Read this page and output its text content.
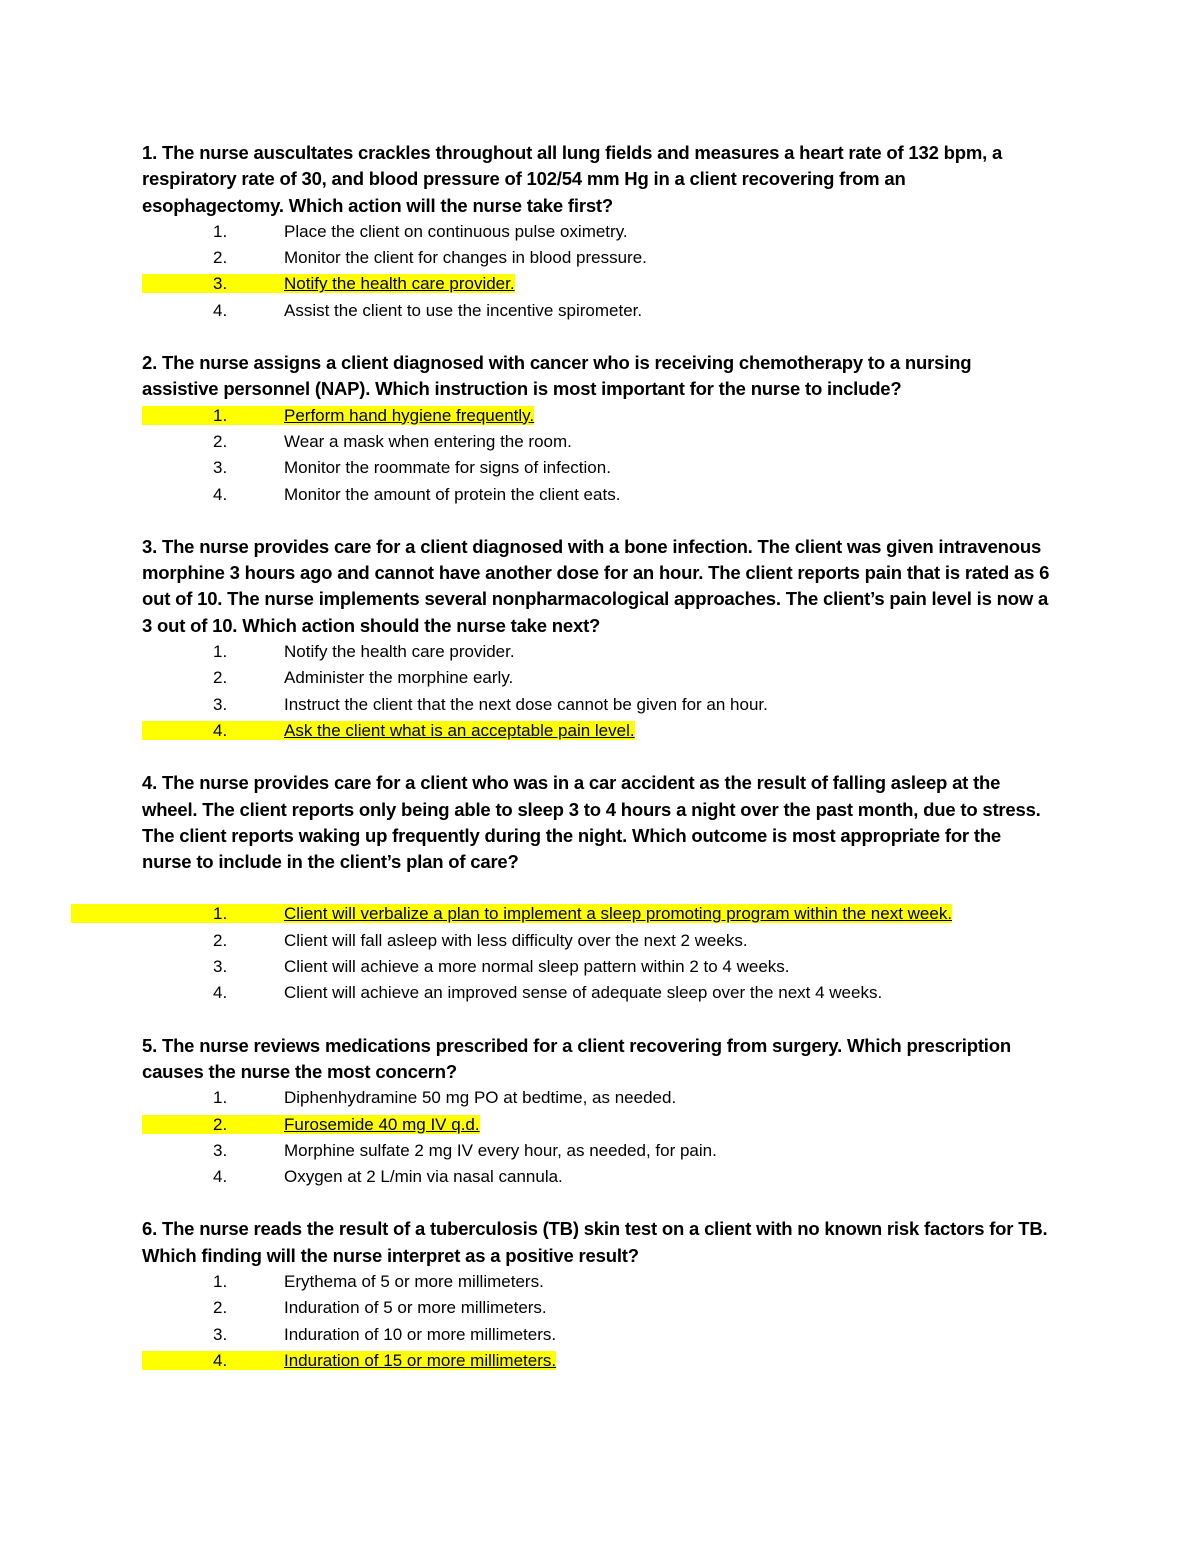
1. The nurse auscultates crackles throughout all lung fields and measures a heart rate of 132 bpm, a respiratory rate of 30, and blood pressure of 102/54 mm Hg in a client recovering from an esophagectomy. Which action will the nurse take first?

1.	Place the client on continuous pulse oximetry.
2.	Monitor the client for changes in blood pressure.
3.	Notify the health care provider.
4.	Assist the client to use the incentive spirometer.

2. The nurse assigns a client diagnosed with cancer who is receiving chemotherapy to a nursing assistive personnel (NAP). Which instruction is most important for the nurse to include?

1.	Perform hand hygiene frequently.
2.	Wear a mask when entering the room.
3.	Monitor the roommate for signs of infection.
4.	Monitor the amount of protein the client eats.

3. The nurse provides care for a client diagnosed with a bone infection. The client was given intravenous morphine 3 hours ago and cannot have another dose for an hour. The client reports pain that is rated as 6 out of 10. The nurse implements several nonpharmacological approaches. The client’s pain level is now a 3 out of 10. Which action should the nurse take next?

1.	Notify the health care provider.
2.	Administer the morphine early.
3.	Instruct the client that the next dose cannot be given for an hour.
4.	Ask the client what is an acceptable pain level.

4. The nurse provides care for a client who was in a car accident as the result of falling asleep at the wheel. The client reports only being able to sleep 3 to 4 hours a night over the past month, due to stress. The client reports waking up frequently during the night. Which outcome is most appropriate for the nurse to include in the client’s plan of care?

1.	Client will verbalize a plan to implement a sleep promoting program within the next week.
2.	Client will fall asleep with less difficulty over the next 2 weeks.
3.	Client will achieve a more normal sleep pattern within 2 to 4 weeks.
4.	Client will achieve an improved sense of adequate sleep over the next 4 weeks.

5. The nurse reviews medications prescribed for a client recovering from surgery. Which prescription causes the nurse the most concern?

1.	Diphenhydramine 50 mg PO at bedtime, as needed.
2.	Furosemide 40 mg IV q.d.
3.	Morphine sulfate 2 mg IV every hour, as needed, for pain.
4.	Oxygen at 2 L/min via nasal cannula.

6. The nurse reads the result of a tuberculosis (TB) skin test on a client with no known risk factors for TB. Which finding will the nurse interpret as a positive result?

1.	Erythema of 5 or more millimeters.
2.	Induration of 5 or more millimeters.
3.	Induration of 10 or more millimeters.
4.	Induration of 15 or more millimeters.
